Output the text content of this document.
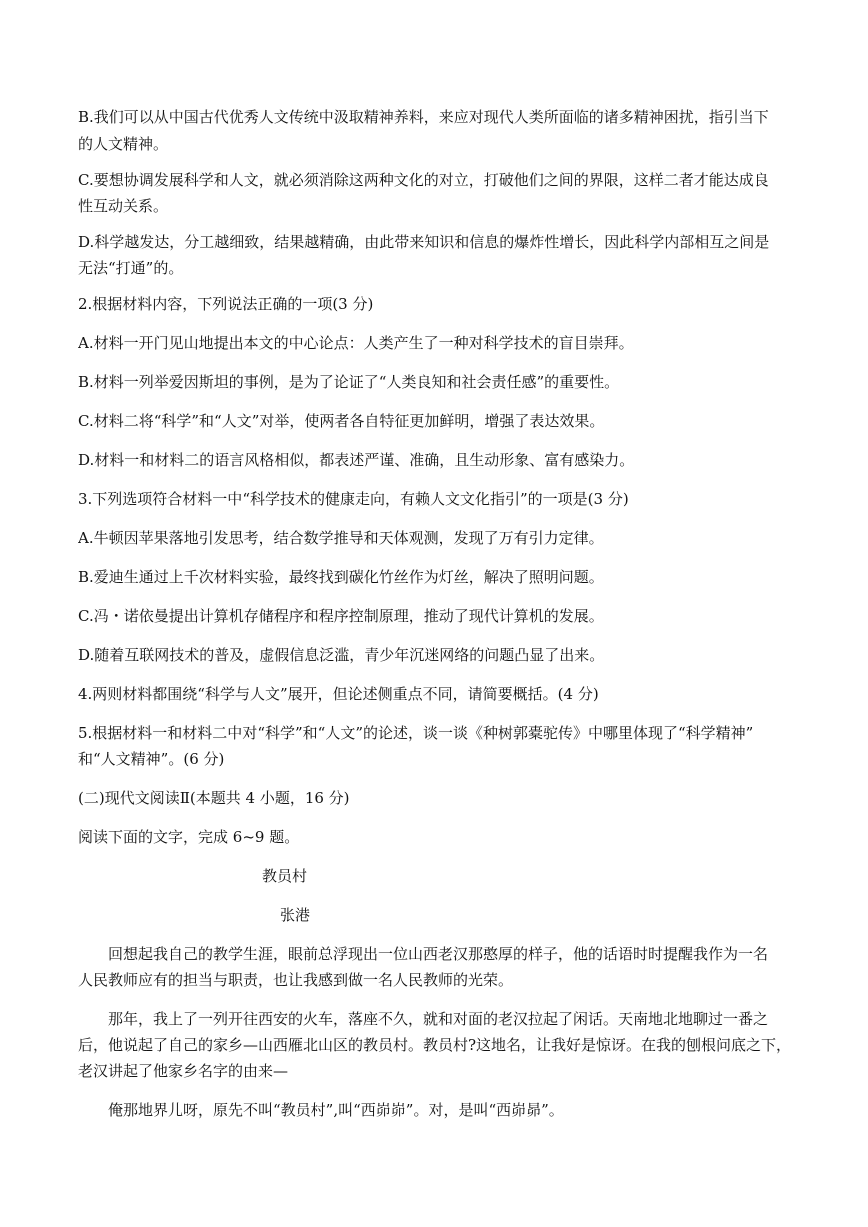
B.我们可以从中国古代优秀人文传统中汲取精神养料，来应对现代人类所面临的诸多精神困扰，指引当下
的人文精神。
C.要想协调发展科学和人文，就必须消除这两种文化的对立，打破他们之间的界限，这样二者才能达成良
性互动关系。
D.科学越发达，分工越细致，结果越精确，由此带来知识和信息的爆炸性增长，因此科学内部相互之间是
无法“打通”的。
2.根据材料内容，下列说法正确的一项(3 分)
A.材料一开门见山地提出本文的中心论点：人类产生了一种对科学技术的盲目崇拜。
B.材料一列举爱因斯坦的事例，是为了论证了“人类良知和社会责任感”的重要性。
C.材料二将“科学”和“人文”对举，使两者各自特征更加鲜明，增强了表达效果。
D.材料一和材料二的语言风格相似，都表述严谨、准确，且生动形象、富有感染力。
3.下列选项符合材料一中“科学技术的健康走向，有赖人文文化指引”的一项是(3 分)
A.牛顿因苹果落地引发思考，结合数学推导和天体观测，发现了万有引力定律。
B.爱迪生通过上千次材料实验，最终找到碳化竹丝作为灯丝，解决了照明问题。
C.冯・诺依曼提出计算机存储程序和程序控制原理，推动了现代计算机的发展。
D.随着互联网技术的普及，虚假信息泛滥，青少年沉迷网络的问题凸显了出来。
4.两则材料都围绕“科学与人文”展开，但论述侧重点不同，请简要概括。(4 分)
5.根据材料一和材料二中对“科学”和“人文”的论述，谈一谈《种树郭橐驼传》中哪里体现了“科学精神”
和“人文精神”。(6 分)
(二)现代文阅读Ⅱ(本题共 4 小题，16 分)
阅读下面的文字，完成 6~9 题。
教员村
张港
回想起我自己的教学生涯，眼前总浮现出一位山西老汉那憨厚的样子，他的话语时时提醒我作为一名
人民教师应有的担当与职责，也让我感到做一名人民教师的光荣。
那年，我上了一列开往西安的火车，落座不久，就和对面的老汉拉起了闲话。天南地北地聊过一番之
后，他说起了自己的家乡—山西雁北山区的教员村。教员村?这地名，让我好是惊讶。在我的刨根问底之下，
老汉讲起了他家乡名字的由来—
俺那地界儿呀，原先不叫“教员村”,叫“西峁峁”。对，是叫“西峁昴”。
